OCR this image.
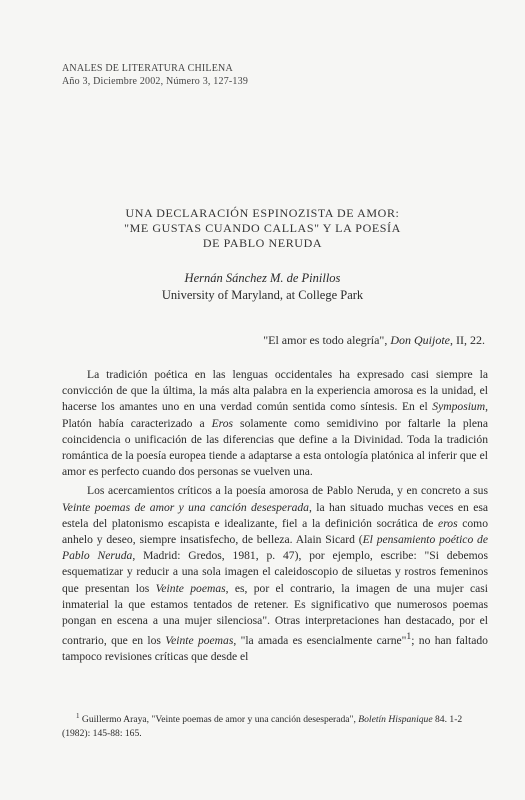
ANALES DE LITERATURA CHILENA
Año 3, Diciembre 2002, Número 3, 127-139
UNA DECLARACIÓN ESPINOZISTA DE AMOR:
"ME GUSTAS CUANDO CALLAS" Y LA POESÍA
DE PABLO NERUDA
Hernán Sánchez M. de Pinillos
University of Maryland, at College Park
"El amor es todo alegría", Don Quijote, II, 22.

La tradición poética en las lenguas occidentales ha expresado casi siempre la convicción de que la última, la más alta palabra en la experiencia amorosa es la unidad, el hacerse los amantes uno en una verdad común sentida como síntesis. En el Symposium, Platón había caracterizado a Eros solamente como semidivino por faltarle la plena coincidencia o unificación de las diferencias que define a la Divinidad. Toda la tradición romántica de la poesía europea tiende a adaptarse a esta ontología platónica al inferir que el amor es perfecto cuando dos personas se vuelven una.

Los acercamientos críticos a la poesía amorosa de Pablo Neruda, y en concreto a sus Veinte poemas de amor y una canción desesperada, la han situado muchas veces en esa estela del platonismo escapista e idealizante, fiel a la definición socrática de eros como anhelo y deseo, siempre insatisfecho, de belleza. Alain Sicard (El pensamiento poético de Pablo Neruda, Madrid: Gredos, 1981, p. 47), por ejemplo, escribe: "Si debemos esquematizar y reducir a una sola imagen el caleidoscopio de siluetas y rostros femeninos que presentan los Veinte poemas, es, por el contrario, la imagen de una mujer casi inmaterial la que estamos tentados de retener. Es significativo que numerosos poemas pongan en escena a una mujer silenciosa". Otras interpretaciones han destacado, por el contrario, que en los Veinte poemas, "la amada es esencialmente carne"$^1$; no han faltado tampoco revisiones críticas que desde el

$^1$ Guillermo Araya, "Veinte poemas de amor y una canción desesperada", Boletín Hispanique 84. 1-2 (1982): 145-88: 165.
